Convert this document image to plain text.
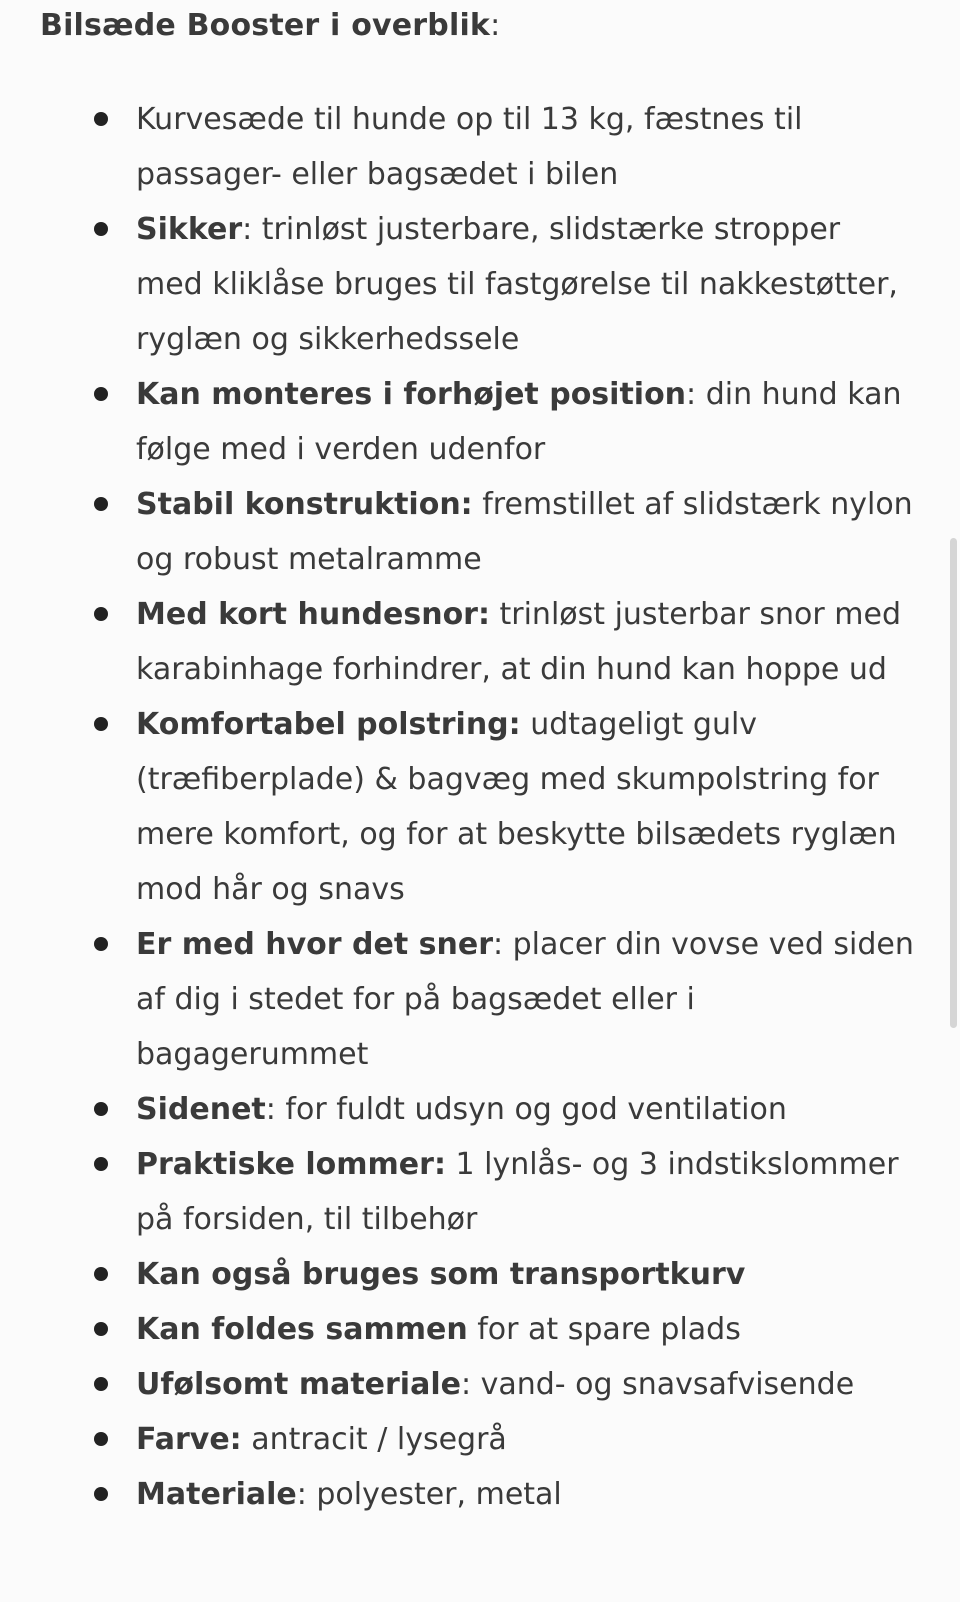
Bilsæde Booster i overblik:
Kurvesæde til hunde op til 13 kg, fæstnes til passager- eller bagsædet i bilen
Sikker: trinløst justerbare, slidstærke stropper med kliklåse bruges til fastgørelse til nakkestøtter, ryglæn og sikkerhedssele
Kan monteres i forhøjet position: din hund kan følge med i verden udenfor
Stabil konstruktion: fremstillet af slidstærk nylon og robust metalramme
Med kort hundesnor: trinløst justerbar snor med karabinhage forhindrer, at din hund kan hoppe ud
Komfortabel polstring: udtageligt gulv (træfiberplade) & bagvæg med skumpolstring for mere komfort, og for at beskytte bilsædets ryglæn mod hår og snavs
Er med hvor det sner: placer din vovse ved siden af dig i stedet for på bagsædet eller i bagagerummet
Sidenet: for fuldt udsyn og god ventilation
Praktiske lommer: 1 lynlås- og 3 indstikslommer på forsiden, til tilbehør
Kan også bruges som transportkurv
Kan foldes sammen for at spare plads
Ufølsomt materiale: vand- og snavsafvisende
Farve: antracit / lysegrå
Materiale: polyester, metal
